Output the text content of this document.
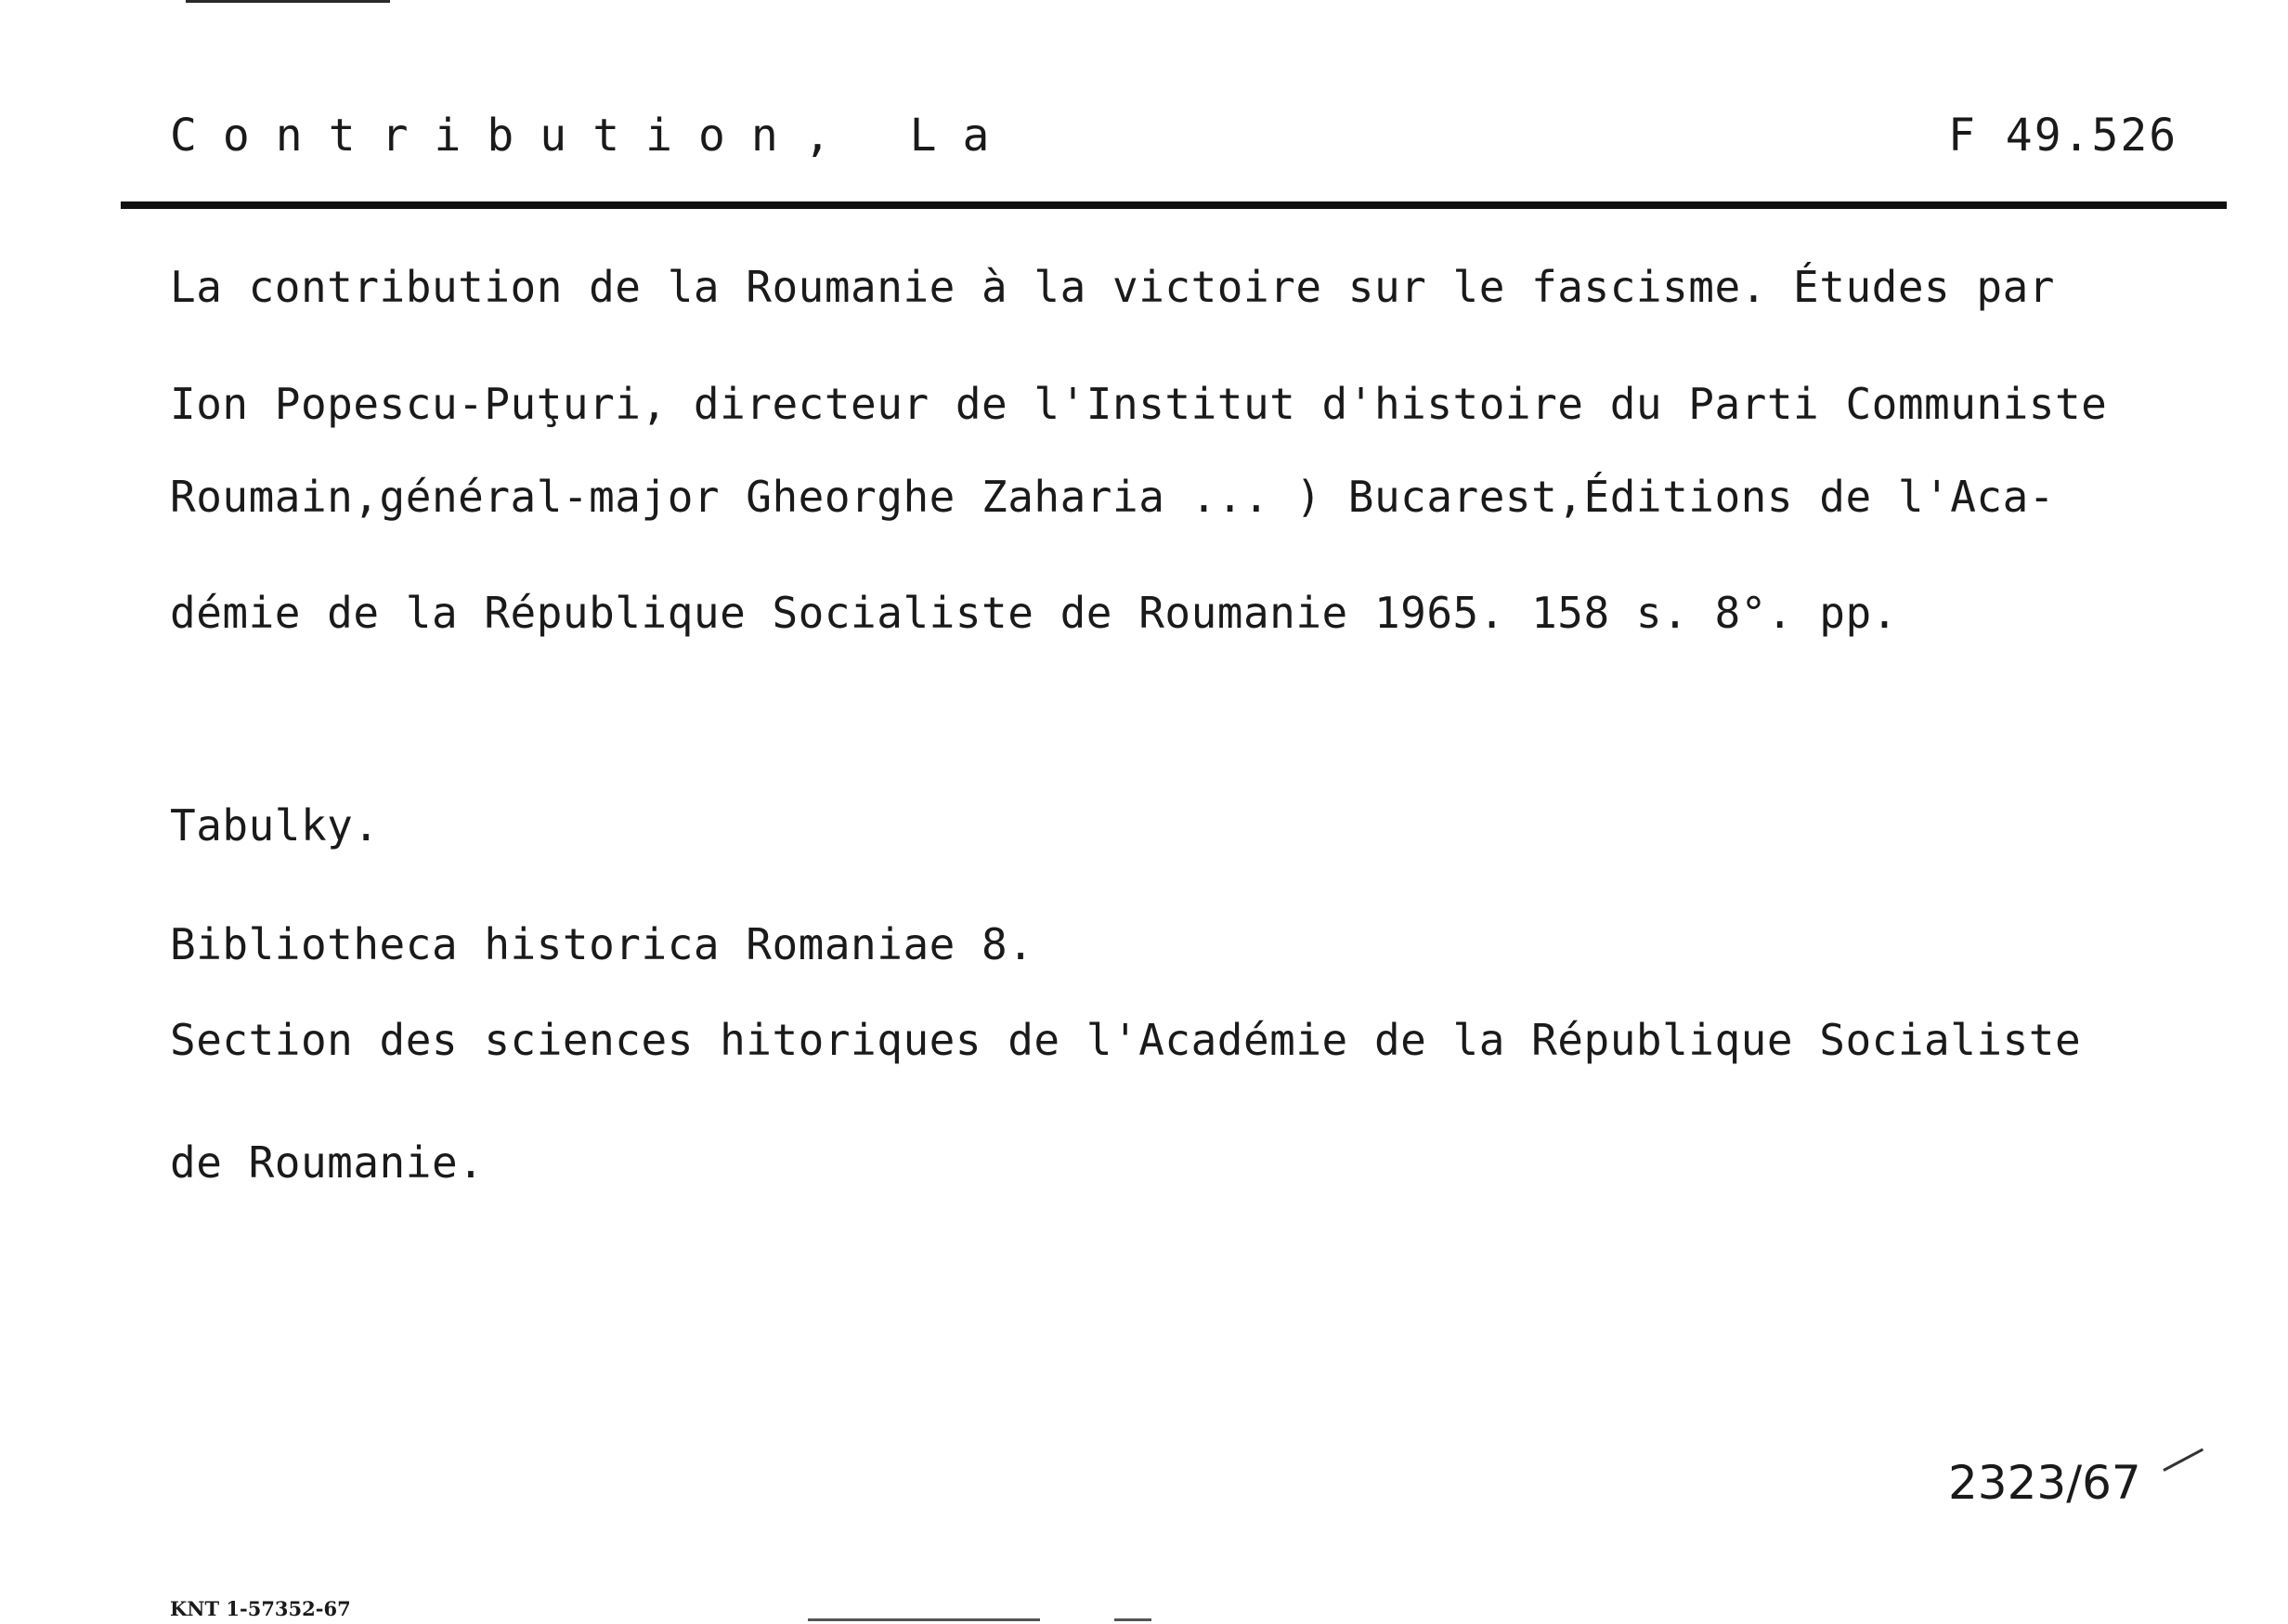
Contribution, La	F 49.526
La contribution de la Roumanie à la victoire sur le fascisme. Études par
Ion Popescu-Puţuri, directeur de l'Institut d'histoire du Parti Communiste
Roumain,général-major Gheorghe Zaharia ... ) Bucarest,Éditions de l'Aca-
démie de la République Socialiste de Roumanie 1965. 158 s. 8°. pp.
Tabulky.
Bibliotheca historica Romaniae 8.
Section des sciences hitoriques de l'Académie de la République Socialiste
de Roumanie.
2323/67
KNT 1-57352-67
